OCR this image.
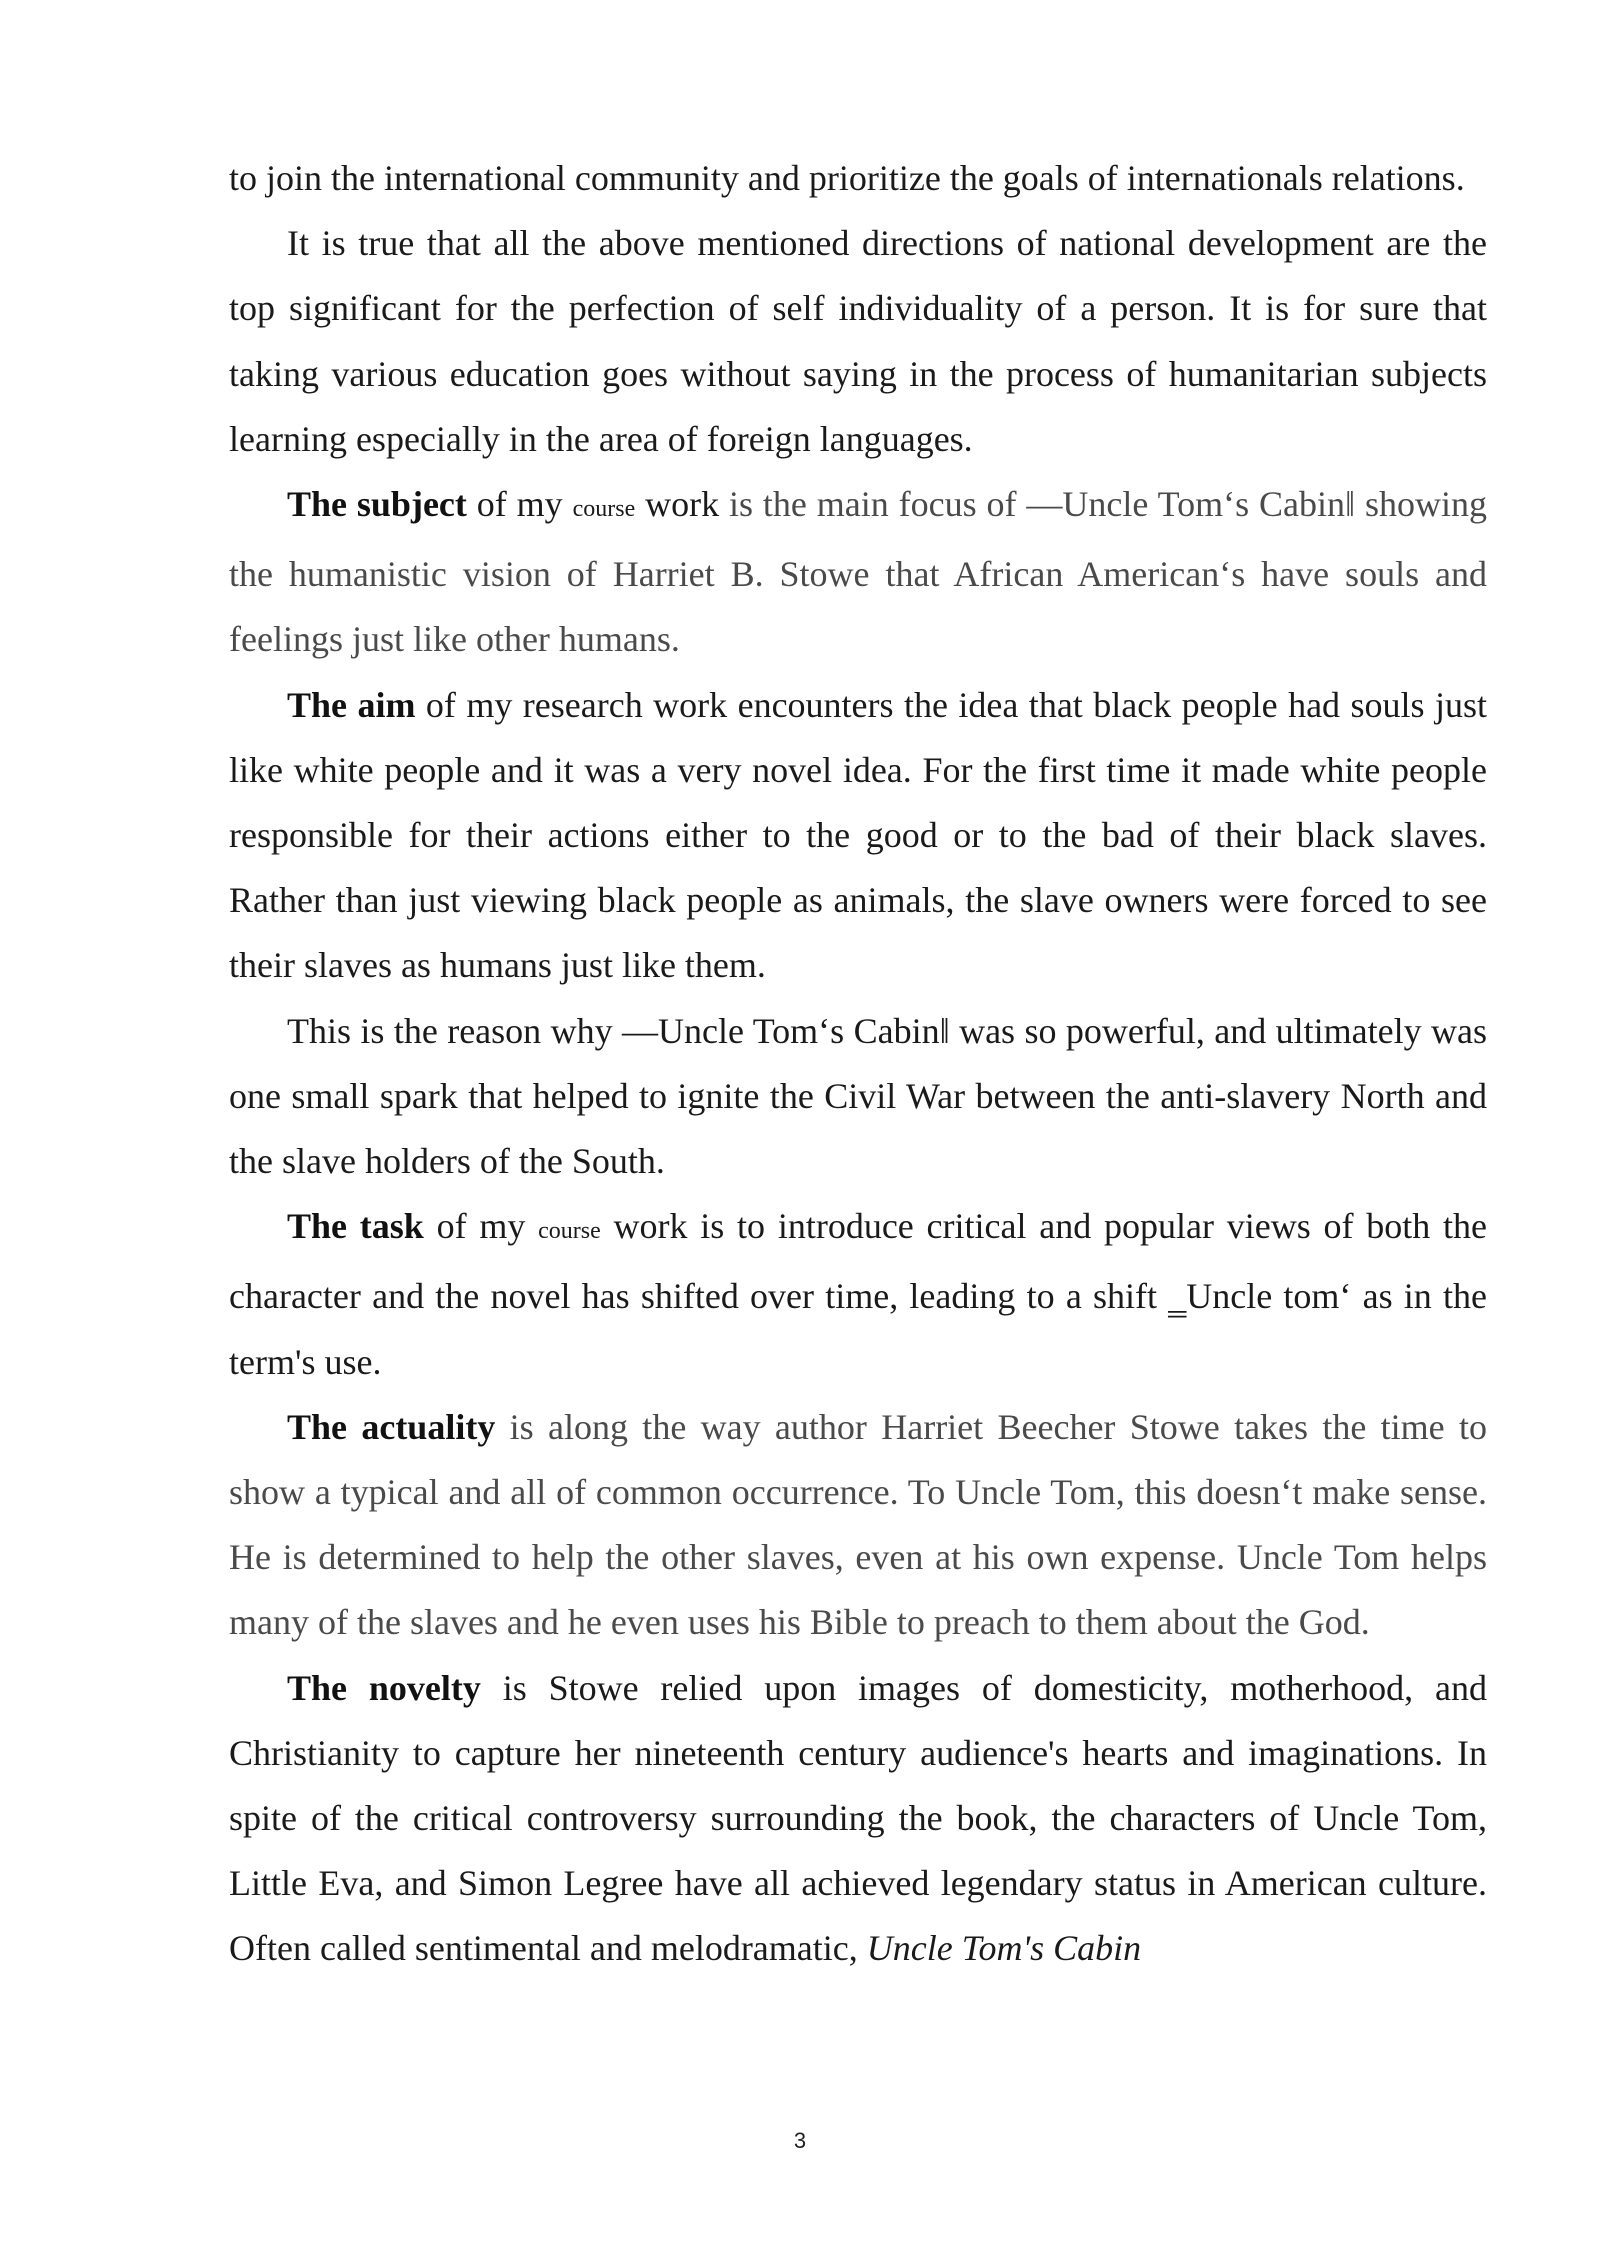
to join the international community and prioritize the goals of internationals relations.

It is true that all the above mentioned directions of national development are the top significant for the perfection of self individuality of a person. It is for sure that taking various education goes without saying in the process of humanitarian subjects learning especially in the area of foreign languages.

The subject of my course work is the main focus of —Uncle Tom‘s Cabin‖ showing the humanistic vision of Harriet B. Stowe that African American‘s have souls and feelings just like other humans.

The aim of my research work encounters the idea that black people had souls just like white people and it was a very novel idea. For the first time it made white people responsible for their actions either to the good or to the bad of their black slaves. Rather than just viewing black people as animals, the slave owners were forced to see their slaves as humans just like them.

This is the reason why —Uncle Tom‘s Cabin‖ was so powerful, and ultimately was one small spark that helped to ignite the Civil War between the anti-slavery North and the slave holders of the South.

The task of my course work is to introduce critical and popular views of both the character and the novel has shifted over time, leading to a shift ‗Uncle tom‘ as in the term's use.

The actuality is along the way author Harriet Beecher Stowe takes the time to show a typical and all of common occurrence. To Uncle Tom, this doesn‘t make sense. He is determined to help the other slaves, even at his own expense. Uncle Tom helps many of the slaves and he even uses his Bible to preach to them about the God.

The novelty is Stowe relied upon images of domesticity, motherhood, and Christianity to capture her nineteenth century audience's hearts and imaginations. In spite of the critical controversy surrounding the book, the characters of Uncle Tom, Little Eva, and Simon Legree have all achieved legendary status in American culture. Often called sentimental and melodramatic, Uncle Tom's Cabin

3
